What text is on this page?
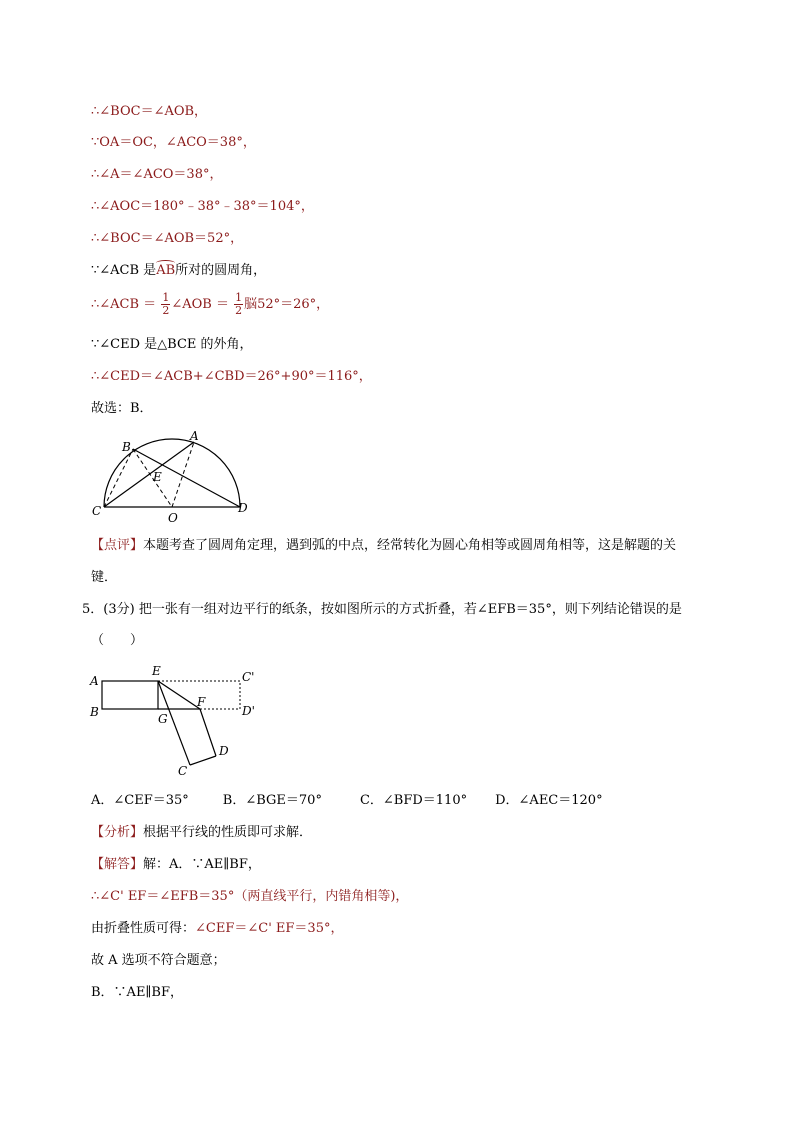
∴∠BOC＝∠AOB，
∵OA＝OC，∠ACO＝38°，
∴∠A＝∠ACO＝38°，
∴∠AOC＝180°﹣38°﹣38°＝104°，
∴∠BOC＝∠AOB＝52°，
∵∠ACB 是AB所对的圆周角，
∴∠ACB ＝ $\frac{1}{2}$ ∠AOB ＝ $\frac{1}{2}$ 脳52°＝26°，
∵∠CED 是△BCE 的外角，
∴∠CED＝∠ACB+∠CBD＝26°+90°＝116°，
故选：B．
B
A
E
C	D
O
【点评】本题考查了圆周角定理，遇到弧的中点，经常转化为圆心角相等或圆周角相等，这是解题的关
键．
5．(3分) 把一张有一组对边平行的纸条，按如图所示的方式折叠，若∠EFB＝35°，则下列结论错误的是
（　　）
A
B
E
F
G
C'
D'
D
C
A．∠CEF＝35°	B．∠BGE＝70°	C．∠BFD＝110° D．∠AEC＝120°
【分析】根据平行线的性质即可求解．
【解答】解：A．∵AE∥BF，
∴∠C' EF＝∠EFB＝35°（两直线平行，内错角相等)，
由折叠性质可得：∠CEF＝∠C' EF＝35°，
故 A 选项不符合题意；
B．∵AE∥BF，
